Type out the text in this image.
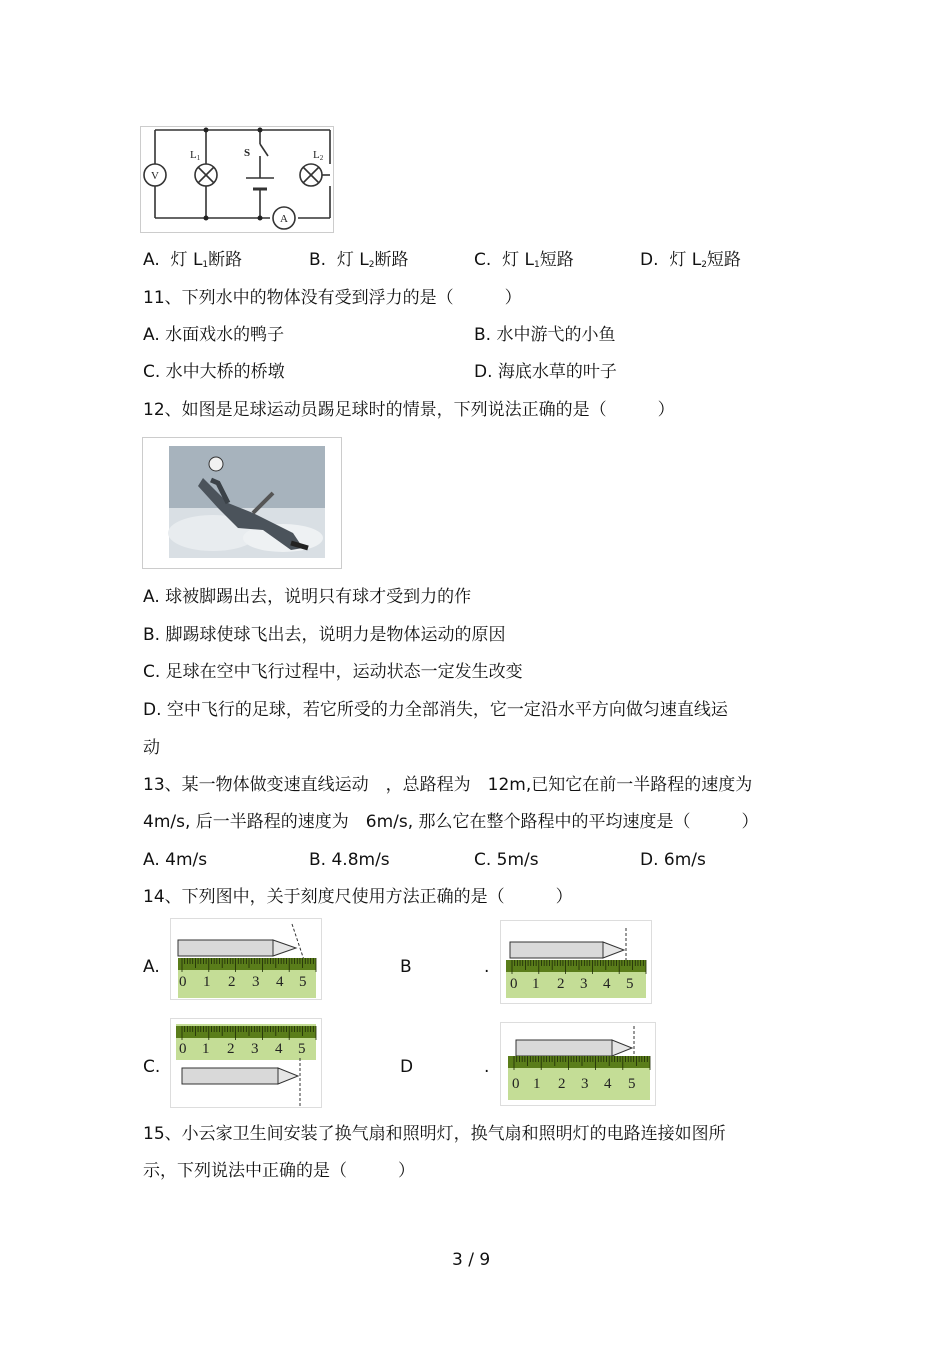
V
L1	S	L2
A
A. 灯 $L_1$断路	B. 灯 $L_2$断路	C. 灯 $L_1$短路	D. 灯 $L_2$短路
11、下列水中的物体没有受到浮力的是（　　　）
A. 水面戏水的鸭子	B. 水中游弋的小鱼
C. 水中大桥的桥墩	D. 海底水草的叶子
12、如图是足球运动员踢足球时的情景，下列说法正确的是（　　　）
A. 球被脚踢出去，说明只有球才受到力的作
B. 脚踢球使球飞出去，说明力是物体运动的原因
C. 足球在空中飞行过程中，运动状态一定发生改变
D. 空中飞行的足球，若它所受的力全部消失，它一定沿水平方向做匀速直线运
动
13、某一物体做变速直线运动　，总路程为　12m,已知它在前一半路程的速度为
4m/s, 后一半路程的速度为　6m/s, 那么它在整个路程中的平均速度是（　　　）
A. 4m/s	B. 4.8m/s	C. 5m/s	D. 6m/s
14、下列图中，关于刻度尺使用方法正确的是（　　　）
A.	B	.
C.	D	.
0 1 2 3 4 5	0 1 2 3 4 5
0 1 2 3 4 5
0 1 2 3 4 5
15、小云家卫生间安装了换气扇和照明灯，换气扇和照明灯的电路连接如图所
示，下列说法中正确的是（　　　）
3 / 9
